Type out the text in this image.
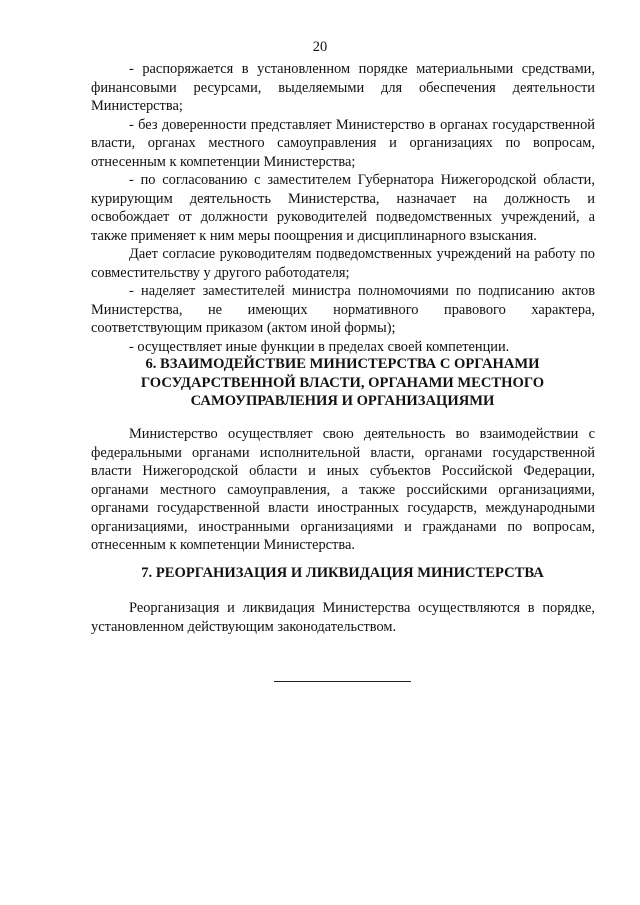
20

- распоряжается в установленном порядке материальными средствами, финансовыми ресурсами, выделяемыми для обеспечения деятельности Министерства;

- без доверенности представляет Министерство в органах государственной власти, органах местного самоуправления и организациях по вопросам, отнесенным к компетенции Министерства;

- по согласованию с заместителем Губернатора Нижегородской области, курирующим деятельность Министерства, назначает на должность и освобождает от должности руководителей подведомственных учреждений, а также применяет к ним меры поощрения и дисциплинарного взыскания.

Дает согласие руководителям подведомственных учреждений на работу по совместительству у другого работодателя;

- наделяет заместителей министра полномочиями по подписанию актов Министерства, не имеющих нормативного правового характера, соответствующим приказом (актом иной формы);

- осуществляет иные функции в пределах своей компетенции.

6. ВЗАИМОДЕЙСТВИЕ МИНИСТЕРСТВА С ОРГАНАМИ ГОСУДАРСТВЕННОЙ ВЛАСТИ, ОРГАНАМИ МЕСТНОГО САМОУПРАВЛЕНИЯ И ОРГАНИЗАЦИЯМИ

Министерство осуществляет свою деятельность во взаимодействии с федеральными органами исполнительной власти, органами государственной власти Нижегородской области и иных субъектов Российской Федерации, органами местного самоуправления, а также российскими организациями, органами государственной власти иностранных государств, международными организациями, иностранными организациями и гражданами по вопросам, отнесенным к компетенции Министерства.

7. РЕОРГАНИЗАЦИЯ И ЛИКВИДАЦИЯ МИНИСТЕРСТВА

Реорганизация и ликвидация Министерства осуществляются в порядке, установленном действующим законодательством.
